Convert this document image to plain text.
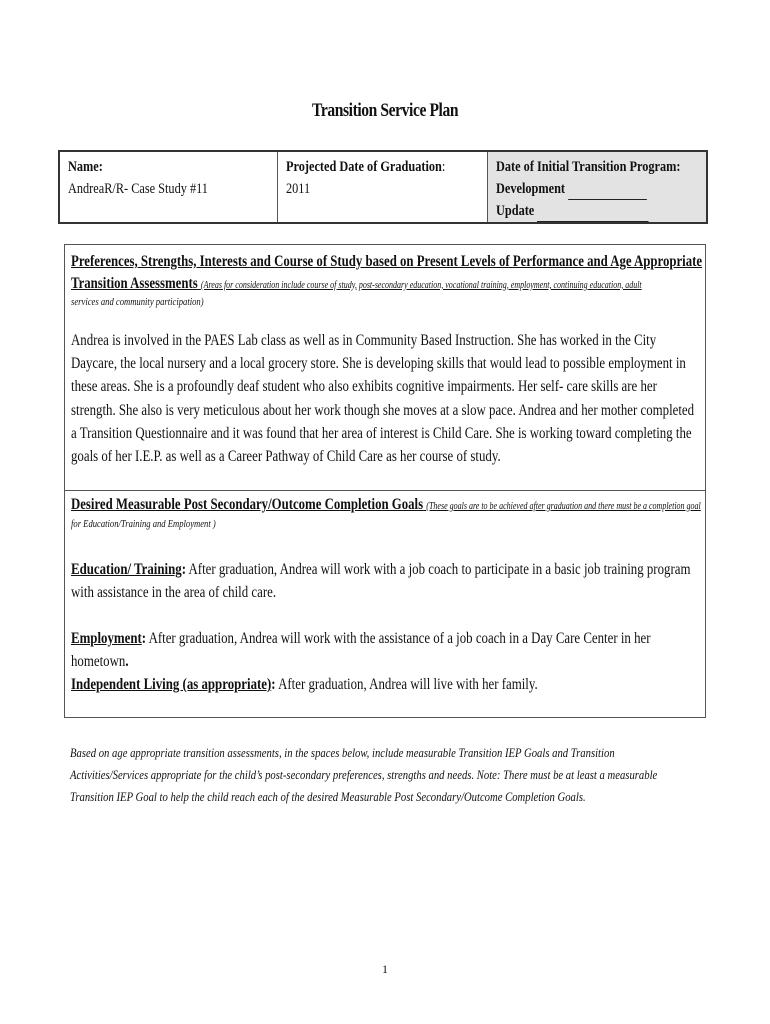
Transition Service Plan
Name:
AndreaR/R- Case Study #11
Projected Date of Graduation:
2011
Date of Initial Transition Program:
Development
Update
Preferences, Strengths, Interests and Course of Study based on Present Levels of Performance and Age Appropriate
Transition Assessments (Areas for consideration include course of study, post-secondary education, vocational training, employment, continuing education, adult
services and community participation)
Andrea is involved in the PAES Lab class as well as in Community Based Instruction. She has worked in the City Daycare, the local nursery and a local grocery store. She is developing skills that would lead to possible employment in these areas. She is a profoundly deaf student who also exhibits cognitive impairments. Her self- care skills are her strength. She also is very meticulous about her work though she moves at a slow pace. Andrea and her mother completed a Transition Questionnaire and it was found that her area of interest is Child Care. She is working toward completing the goals of her I.E.P. as well as a Career Pathway of Child Care as her course of study.
Desired Measurable Post Secondary/Outcome Completion Goals (These goals are to be achieved after graduation and there must be a completion goal
for Education/Training and Employment )
Education/ Training: After graduation, Andrea will work with a job coach to participate in a basic job training program with assistance in the area of child care.
Employment: After graduation, Andrea will work with the assistance of a job coach in a Day Care Center in her hometown.
Independent Living (as appropriate): After graduation, Andrea will live with her family.
Based on age appropriate transition assessments, in the spaces below, include measurable Transition IEP Goals and Transition Activities/Services appropriate for the child’s post-secondary preferences, strengths and needs. Note: There must be at least a measurable Transition IEP Goal to help the child reach each of the desired Measurable Post Secondary/Outcome Completion Goals.
1
